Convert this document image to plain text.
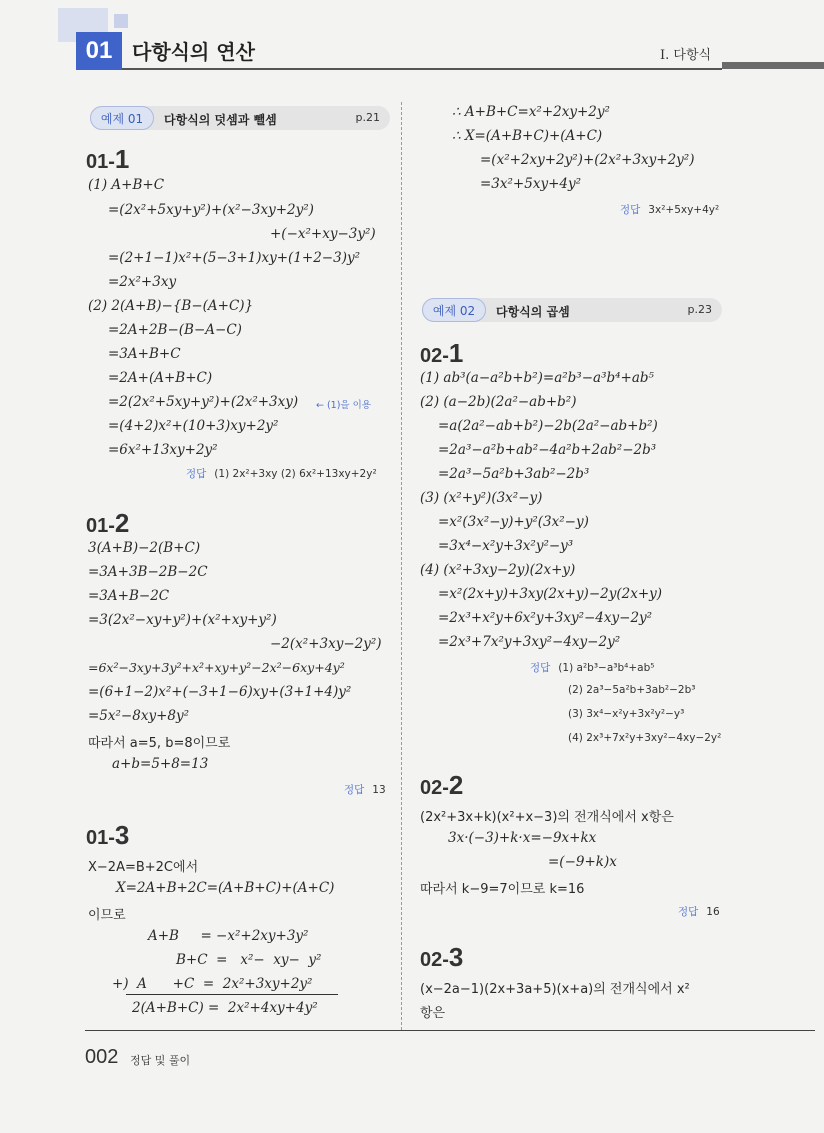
01 다항식의 연산	I. 다항식
예제 01	다항식의 덧셈과 뺄셈	p.21
예제 02	다항식의 곱셈	p.23
01-1
01-2
01-3
02-1
02-2
02-3
(1) A+B+C
=(2x²+5xy+y²)+(x²−3xy+2y²)
+(−x²+xy−3y²)
=(2+1−1)x²+(5−3+1)xy+(1+2−3)y²
=2x²+3xy
(2) 2(A+B)−{B−(A+C)}
=2A+2B−(B−A−C)
=3A+B+C
=2A+(A+B+C)
=2(2x²+5xy+y²)+(2x²+3xy) ← (1)을 이용
=(4+2)x²+(10+3)xy+2y²
=6x²+13xy+2y²
정답 (1) 2x²+3xy (2) 6x²+13xy+2y²
3(A+B)−2(B+C)
=3A+3B−2B−2C
=3A+B−2C
=3(2x²−xy+y²)+(x²+xy+y²)
−2(x²+3xy−2y²)
=6x²−3xy+3y²+x²+xy+y²−2x²−6xy+4y²
=(6+1−2)x²+(−3+1−6)xy+(3+1+4)y²
=5x²−8xy+8y²
따라서 a=5, b=8이므로
a+b=5+8=13
정답 13
X−2A=B+2C에서
X=2A+B+2C=(A+B+C)+(A+C)
이므로
A+B     = −x²+2xy+3y²
B+C  =   x²−  xy−  y²
+)  A      +C  =  2x²+3xy+2y²
2(A+B+C) =  2x²+4xy+4y²
∴ A+B+C=x²+2xy+2y²
∴ X=(A+B+C)+(A+C)
=(x²+2xy+2y²)+(2x²+3xy+2y²)
=3x²+5xy+4y²
정답 3x²+5xy+4y²
(1) ab³(a−a²b+b²)=a²b³−a³b⁴+ab⁵
(2) (a−2b)(2a²−ab+b²)
=a(2a²−ab+b²)−2b(2a²−ab+b²)
=2a³−a²b+ab²−4a²b+2ab²−2b³
=2a³−5a²b+3ab²−2b³
(3) (x²+y²)(3x²−y)
=x²(3x²−y)+y²(3x²−y)
=3x⁴−x²y+3x²y²−y³
(4) (x²+3xy−2y)(2x+y)
=x²(2x+y)+3xy(2x+y)−2y(2x+y)
=2x³+x²y+6x²y+3xy²−4xy−2y²
=2x³+7x²y+3xy²−4xy−2y²
정답 (1) a²b³−a³b⁴+ab⁵
(2) 2a³−5a²b+3ab²−2b³
(3) 3x⁴−x²y+3x²y²−y³
(4) 2x³+7x²y+3xy²−4xy−2y²
(2x²+3x+k)(x²+x−3)의 전개식에서 x항은
3x·(−3)+k·x=−9x+kx
=(−9+k)x
따라서 k−9=7이므로 k=16
정답 16
(x−2a−1)(2x+3a+5)(x+a)의 전개식에서 x²
항은
002 정답 및 풀이
